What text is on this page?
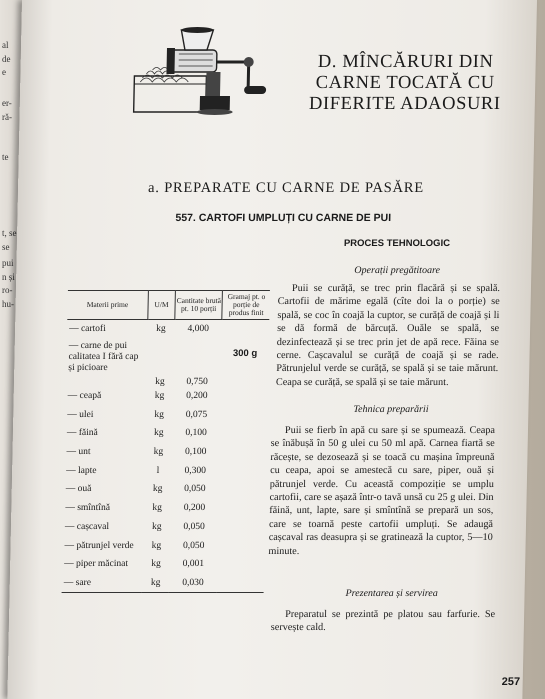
al
de
e
er-
ră-
te
t, se
se
pui
n și
ro-
hu-
D. MÎNCĂRURI DIN
CARNE TOCATĂ CU
DIFERITE ADAOSURI
a. PREPARATE CU CARNE DE PASĂRE
557. CARTOFI UMPLUȚI CU CARNE DE PUI
PROCES TEHNOLOGIC
Materii prime	U/M	Cantitate brută pt. 10 porții	Gramaj pt. o porție de produs finit
— cartofi	kg	4,000	300 g
— carne de pui calitatea I fără cap și picioare	kg	0,750	
— ceapă	kg	0,200	
— ulei	kg	0,075	
— făină	kg	0,100	
— unt	kg	0,100	
— lapte	l	0,300	
— ouă	kg	0,050	
— smîntînă	kg	0,200	
— cașcaval	kg	0,050	
— pătrunjel verde	kg	0,050	
— piper măcinat	kg	0,001	
— sare	kg	0,030	
Operații pregătitoare

Puii se curăță, se trec prin flacără și se spală. Cartofii de mărime egală (cîte doi la o porție) se spală, se coc în coajă la cuptor, se curăță de coajă și li se dă formă de bărcuță. Ouăle se spală, se dezinfectează și se trec prin jet de apă rece. Făina se cerne. Cașcavalul se curăță de coajă și se rade. Pătrunjelul verde se curăță, se spală și se taie mărunt. Ceapa se curăță, se spală și se taie mărunt.

Tehnica preparării

Puii se fierb în apă cu sare și se spumează. Ceapa se înăbușă în 50 g ulei cu 50 ml apă. Carnea fiartă se răcește, se dezosează și se toacă cu mașina împreună cu ceapa, apoi se amestecă cu sare, piper, ouă și pătrunjel verde. Cu această compoziție se umplu cartofii, care se așază într-o tavă unsă cu 25 g ulei. Din făină, unt, lapte, sare și smîntînă se prepară un sos, care se toarnă peste cartofii umpluți. Se adaugă cașcaval ras deasupra și se gratinează la cuptor, 5—10 minute.

Prezentarea și servirea

Preparatul se prezintă pe platou sau farfurie. Se servește cald.

257
